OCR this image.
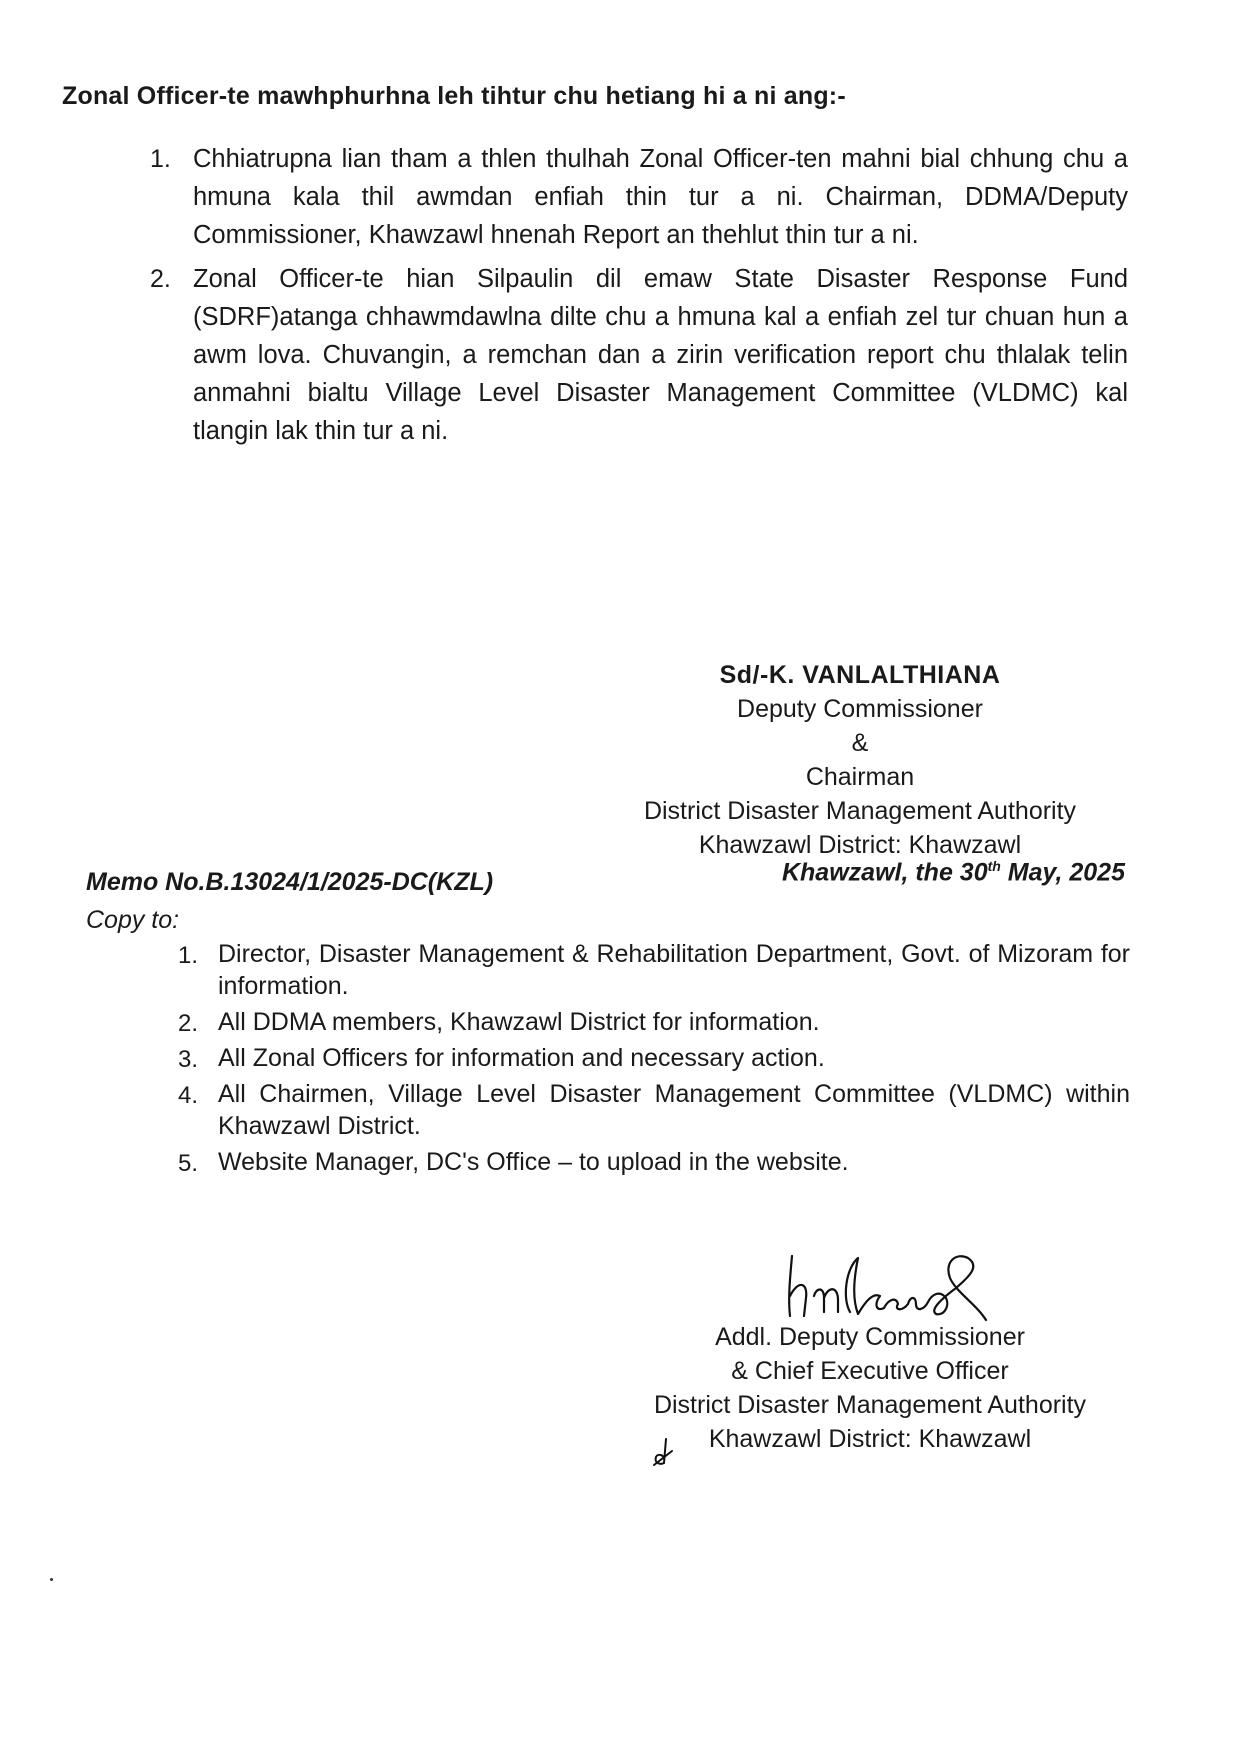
Zonal Officer-te mawhphurhna leh tihtur chu hetiang hi a ni ang:-
1. Chhiatrupna lian tham a thlen thulhah Zonal Officer-ten mahni bial chhung chu a hmuna kala thil awmdan enfiah thin tur a ni. Chairman, DDMA/Deputy Commissioner, Khawzawl hnenah Report an thehlut thin tur a ni.
2. Zonal Officer-te hian Silpaulin dil emaw State Disaster Response Fund (SDRF)atanga chhawmdawlna dilte chu a hmuna kal a enfiah zel tur chuan hun a awm lova. Chuvangin, a remchan dan a zirin verification report chu thlalak telin anmahni bialtu Village Level Disaster Management Committee (VLDMC) kal tlangin lak thin tur a ni.
Sd/-K. VANLALTHIANA
Deputy Commissioner
&
Chairman
District Disaster Management Authority
Khawzawl District: Khawzawl
Khawzawl, the 30th May, 2025
Memo No.B.13024/1/2025-DC(KZL)
Copy to:
1. Director, Disaster Management & Rehabilitation Department, Govt. of Mizoram for information.
2. All DDMA members, Khawzawl District for information.
3. All Zonal Officers for information and necessary action.
4. All Chairmen, Village Level Disaster Management Committee (VLDMC) within Khawzawl District.
5. Website Manager, DC's Office – to upload in the website.
Addl. Deputy Commissioner
& Chief Executive Officer
District Disaster Management Authority
Khawzawl District: Khawzawl
